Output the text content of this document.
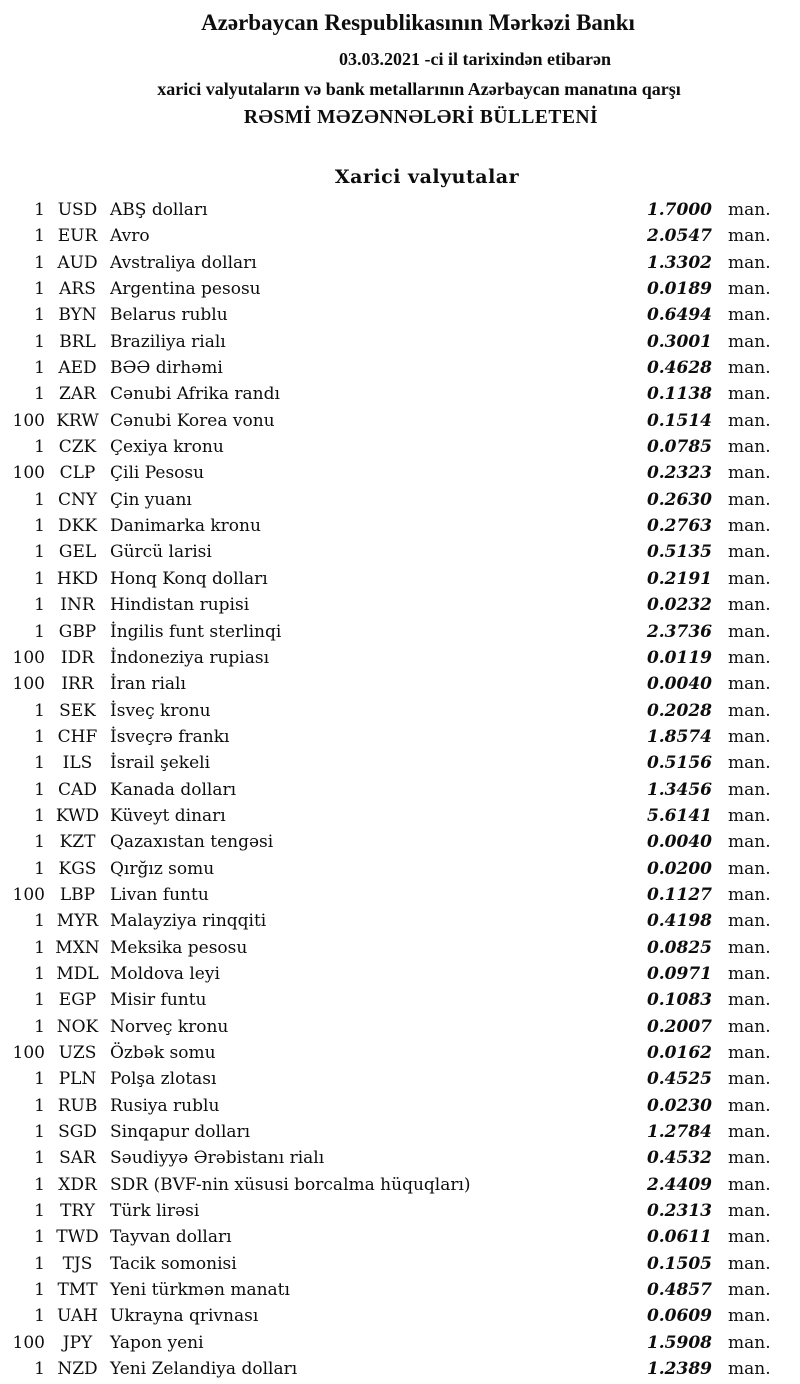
Azərbaycan Respublikasının Mərkəzi Bankı
03.03.2021 -ci il tarixindən etibarən
xarici valyutaların və bank metallarının Azərbaycan manatına qarşı
RƏSMİ MƏZƏNNƏLƏRİ BÜLLETENİ
Xarici valyutalar
1 USD ABŞ dolları	1.7000 man.
1 EUR Avro	2.0547 man.
1 AUD Avstraliya dolları	1.3302 man.
1 ARS Argentina pesosu	0.0189 man.
1 BYN Belarus rublu	0.6494 man.
1 BRL Braziliya rialı	0.3001 man.
1 AED BƏƏ dirhəmi	0.4628 man.
1 ZAR Cənubi Afrika randı	0.1138 man.
100 KRW Cənubi Korea vonu	0.1514 man.
1 CZK Çexiya kronu	0.0785 man.
100 CLP Çili Pesosu	0.2323 man.
1 CNY Çin yuanı	0.2630 man.
1 DKK Danimarka kronu	0.2763 man.
1 GEL Gürcü larisi	0.5135 man.
1 HKD Honq Konq dolları	0.2191 man.
1 INR Hindistan rupisi	0.0232 man.
1 GBP İngilis funt sterlinqi	2.3736 man.
100 IDR İndoneziya rupiası	0.0119 man.
100 IRR İran rialı	0.0040 man.
1 SEK İsveç kronu	0.2028 man.
1 CHF İsveçrə frankı	1.8574 man.
1	ILS	İsrail şekeli	0.5156 man.
1 CAD Kanada dolları	1.3456 man.
1 KWD Küveyt dinarı	5.6141 man.
1 KZT Qazaxıstan tengəsi	0.0040 man.
1 KGS Qırğız somu	0.0200 man.
100 LBP Livan funtu	0.1127 man.
1 MYR Malayziya rinqqiti	0.4198 man.
1 MXN Meksika pesosu	0.0825 man.
1 MDL Moldova leyi	0.0971 man.
1 EGP Misir funtu	0.1083 man.
1 NOK Norveç kronu	0.2007 man.
100 UZS Özbək somu	0.0162 man.
1 PLN Polşa zlotası	0.4525 man.
1 RUB Rusiya rublu	0.0230 man.
1 SGD Sinqapur dolları	1.2784 man.
1 SAR Səudiyyə Ərəbistanı rialı	0.4532 man.
1 XDR SDR (BVF-nin xüsusi borcalma hüquqları)	2.4409 man.
1 TRY Türk lirəsi	0.2313 man.
1 TWD Tayvan dolları	0.0611 man.
1	TJS	Tacik somonisi	0.1505 man.
1 TMT Yeni türkmən manatı	0.4857 man.
1 UAH Ukrayna qrivnası	0.0609 man.
100	JPY	Yapon yeni	1.5908 man.
1 NZD Yeni Zelandiya dolları	1.2389 man.
